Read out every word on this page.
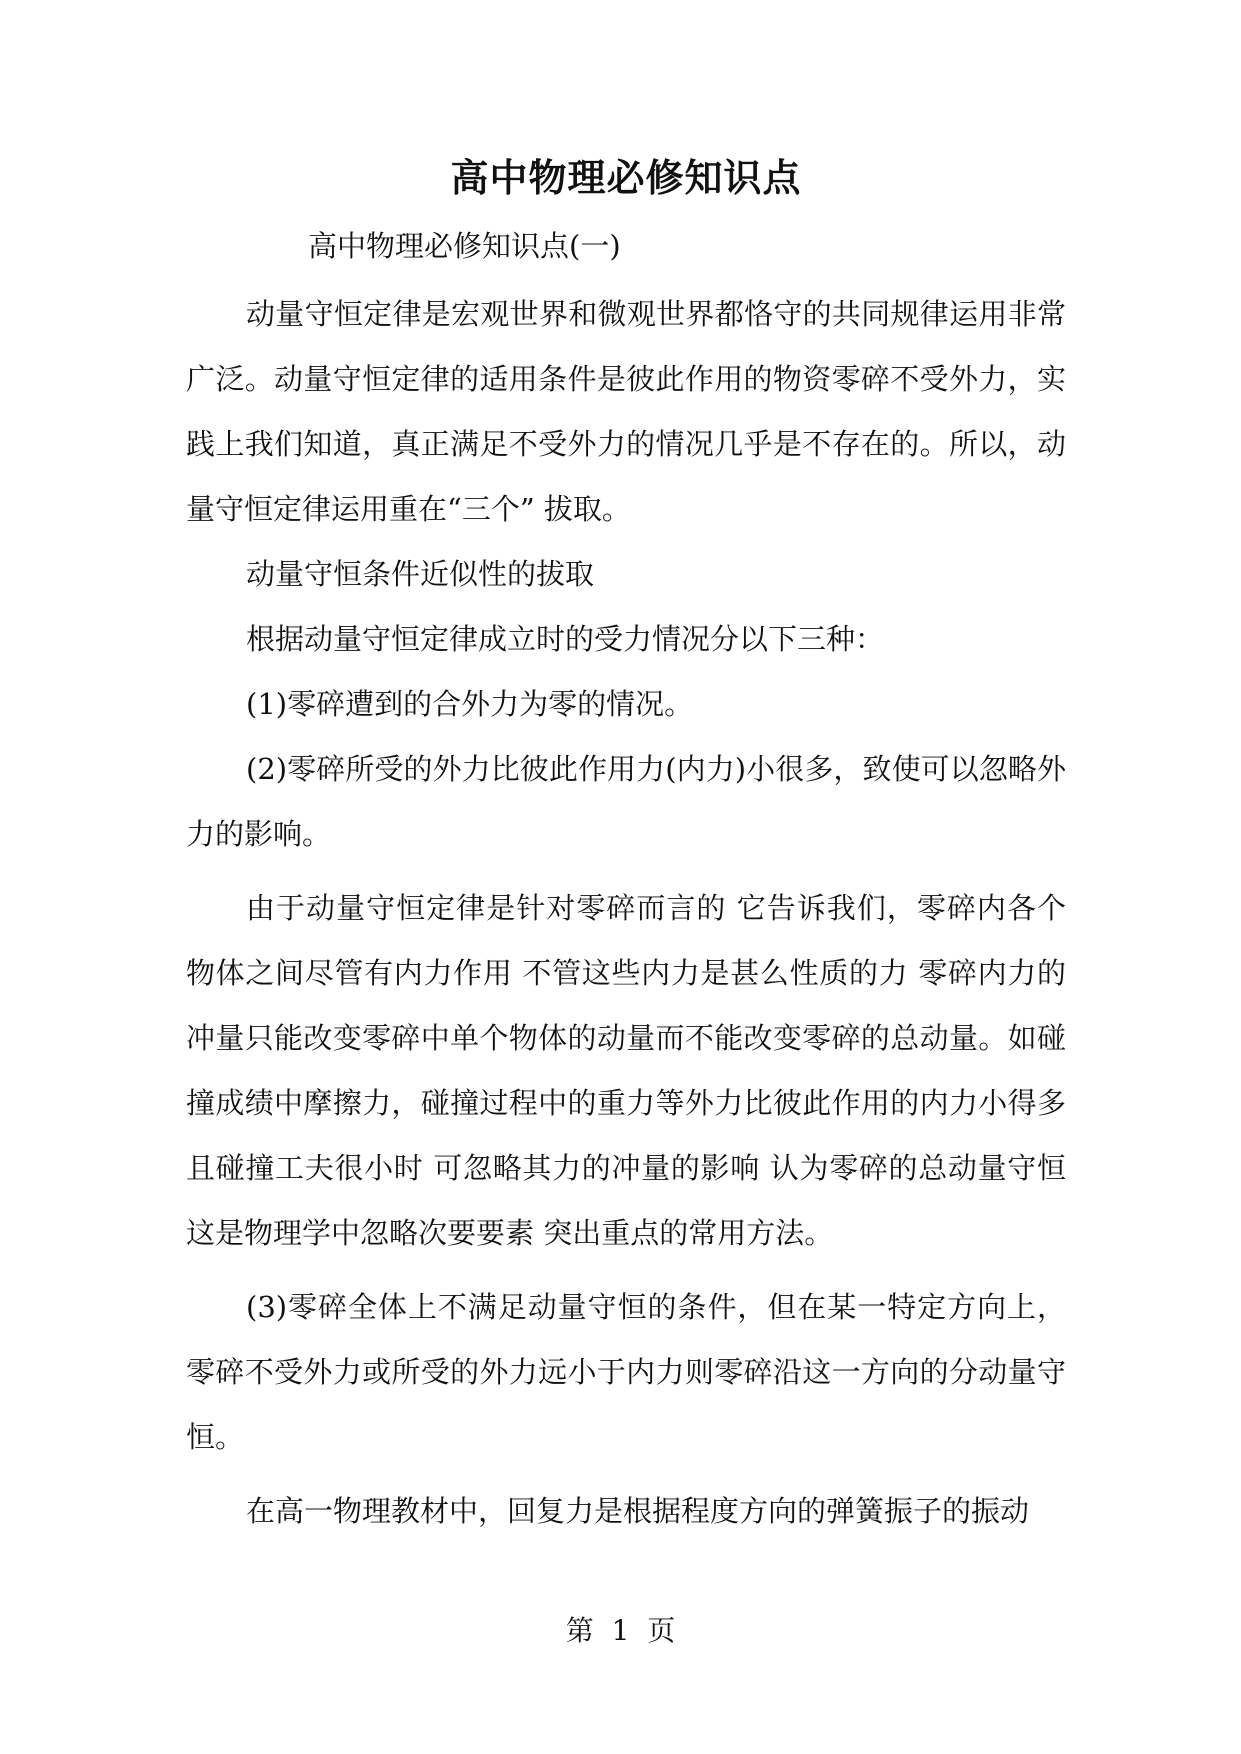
高中物理必修知识点
高中物理必修知识点(一)

动量守恒定律是宏观世界和微观世界都恪守的共同规律运用非常广泛。动量守恒定律的适用条件是彼此作用的物资零碎不受外力，实践上我们知道，真正满足不受外力的情况几乎是不存在的。所以，动量守恒定律运用重在“三个” 拔取。

动量守恒条件近似性的拔取

根据动量守恒定律成立时的受力情况分以下三种：

(1)零碎遭到的合外力为零的情况。

(2)零碎所受的外力比彼此作用力(内力)小很多，致使可以忽略外力的影响。

由于动量守恒定律是针对零碎而言的 它告诉我们，零碎内各个物体之间尽管有内力作用 不管这些内力是甚么性质的力 零碎内力的冲量只能改变零碎中单个物体的动量而不能改变零碎的总动量。如碰撞成绩中摩擦力，碰撞过程中的重力等外力比彼此作用的内力小得多且碰撞工夫很小时 可忽略其力的冲量的影响 认为零碎的总动量守恒 这是物理学中忽略次要要素 突出重点的常用方法。

(3)零碎全体上不满足动量守恒的条件，但在某一特定方向上，零碎不受外力或所受的外力远小于内力则零碎沿这一方向的分动量守恒。

在高一物理教材中，回复力是根据程度方向的弹簧振子的振动

第  1  页
